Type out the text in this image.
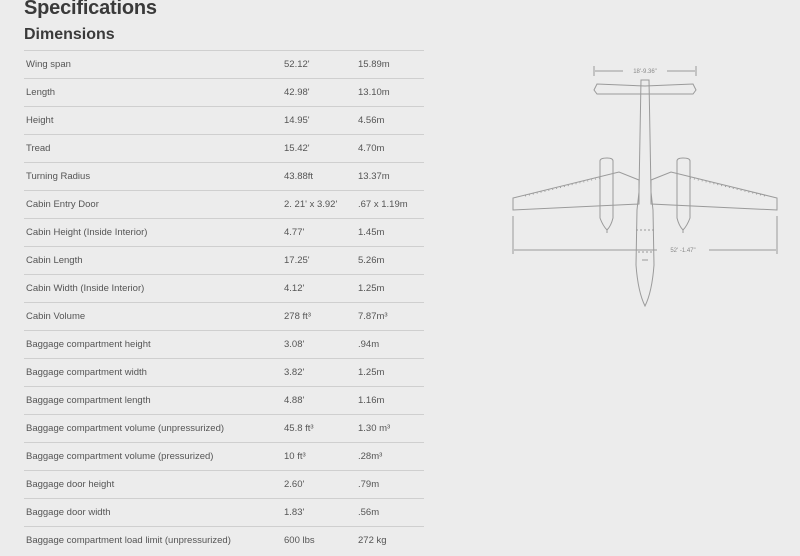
Specifications
Dimensions
Wing span	52.12'	15.89m
Length	42.98'	13.10m
Height	14.95'	4.56m
Tread	15.42'	4.70m
Turning Radius	43.88ft	13.37m
Cabin Entry Door	2. 21' x 3.92'	.67 x 1.19m
Cabin Height (Inside Interior)	4.77'	1.45m
Cabin Length	17.25'	5.26m
Cabin Width (Inside Interior)	4.12'	1.25m
Cabin Volume	278 ft³	7.87m³
Baggage compartment height	3.08'	.94m
Baggage compartment width	3.82'	1.25m
Baggage compartment length	4.88'	1.16m
Baggage compartment volume (unpressurized)	45.8 ft³	1.30 m³
Baggage compartment volume (pressurized)	10 ft³	.28m³
Baggage door height	2.60'	.79m
Baggage door width	1.83'	.56m
Baggage compartment load limit (unpressurized)	600 lbs	272 kg
18'-9.36"
52' -1.47"
